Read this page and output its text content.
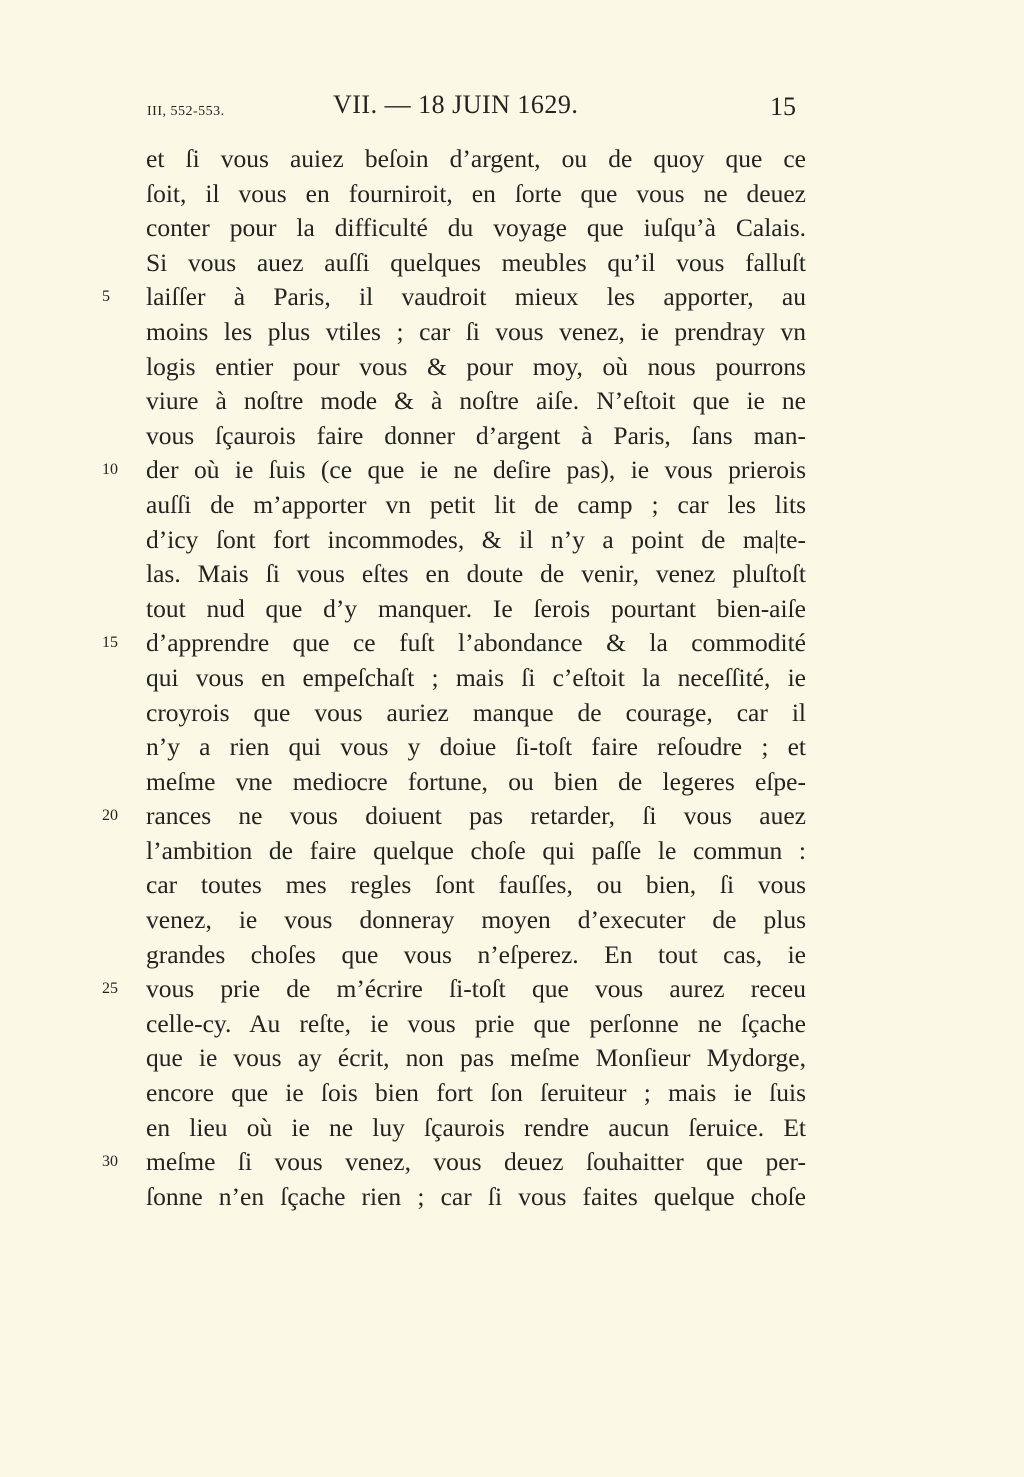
III, 552-553.	VII. — 18 JUIN 1629.	15
et ſi vous auiez beſoin d’argent, ou de quoy que ce
ſoit, il vous en fourniroit, en ſorte que vous ne deuez
conter pour la difficulté du voyage que iuſqu’à Calais.
Si vous auez auſſi quelques meubles qu’il vous falluſt
5	laiſſer à Paris, il vaudroit mieux les apporter, au
moins les plus vtiles ; car ſi vous venez, ie prendray vn
logis entier pour vous & pour moy, où nous pourrons
viure à noſtre mode & à noſtre aiſe. N’eſtoit que ie ne
vous ſçaurois faire donner d’argent à Paris, ſans man-
10	der où ie ſuis (ce que ie ne deſire pas), ie vous prierois
auſſi de m’apporter vn petit lit de camp ; car les lits
d’icy ſont fort incommodes, & il n’y a point de ma|te-
las. Mais ſi vous eſtes en doute de venir, venez pluſtoſt
tout nud que d’y manquer. Ie ſerois pourtant bien-aiſe
15	d’apprendre que ce fuſt l’abondance & la commodité
qui vous en empeſchaſt ; mais ſi c’eſtoit la neceſſité, ie
croyrois que vous auriez manque de courage, car il
n’y a rien qui vous y doiue ſi-toſt faire reſoudre ; et
meſme vne mediocre fortune, ou bien de legeres eſpe-
20	rances ne vous doiuent pas retarder, ſi vous auez
l’ambition de faire quelque choſe qui paſſe le commun :
car toutes mes regles ſont fauſſes, ou bien, ſi vous
venez, ie vous donneray moyen d’executer de plus
grandes choſes que vous n’eſperez. En tout cas, ie
25	vous prie de m’écrire ſi-toſt que vous aurez receu
celle-cy. Au reſte, ie vous prie que perſonne ne ſçache
que ie vous ay écrit, non pas meſme Monſieur Mydorge,
encore que ie ſois bien fort ſon ſeruiteur ; mais ie ſuis
en lieu où ie ne luy ſçaurois rendre aucun ſeruice. Et
30	meſme ſi vous venez, vous deuez ſouhaitter que per-
ſonne n’en ſçache rien ; car ſi vous faites quelque choſe
